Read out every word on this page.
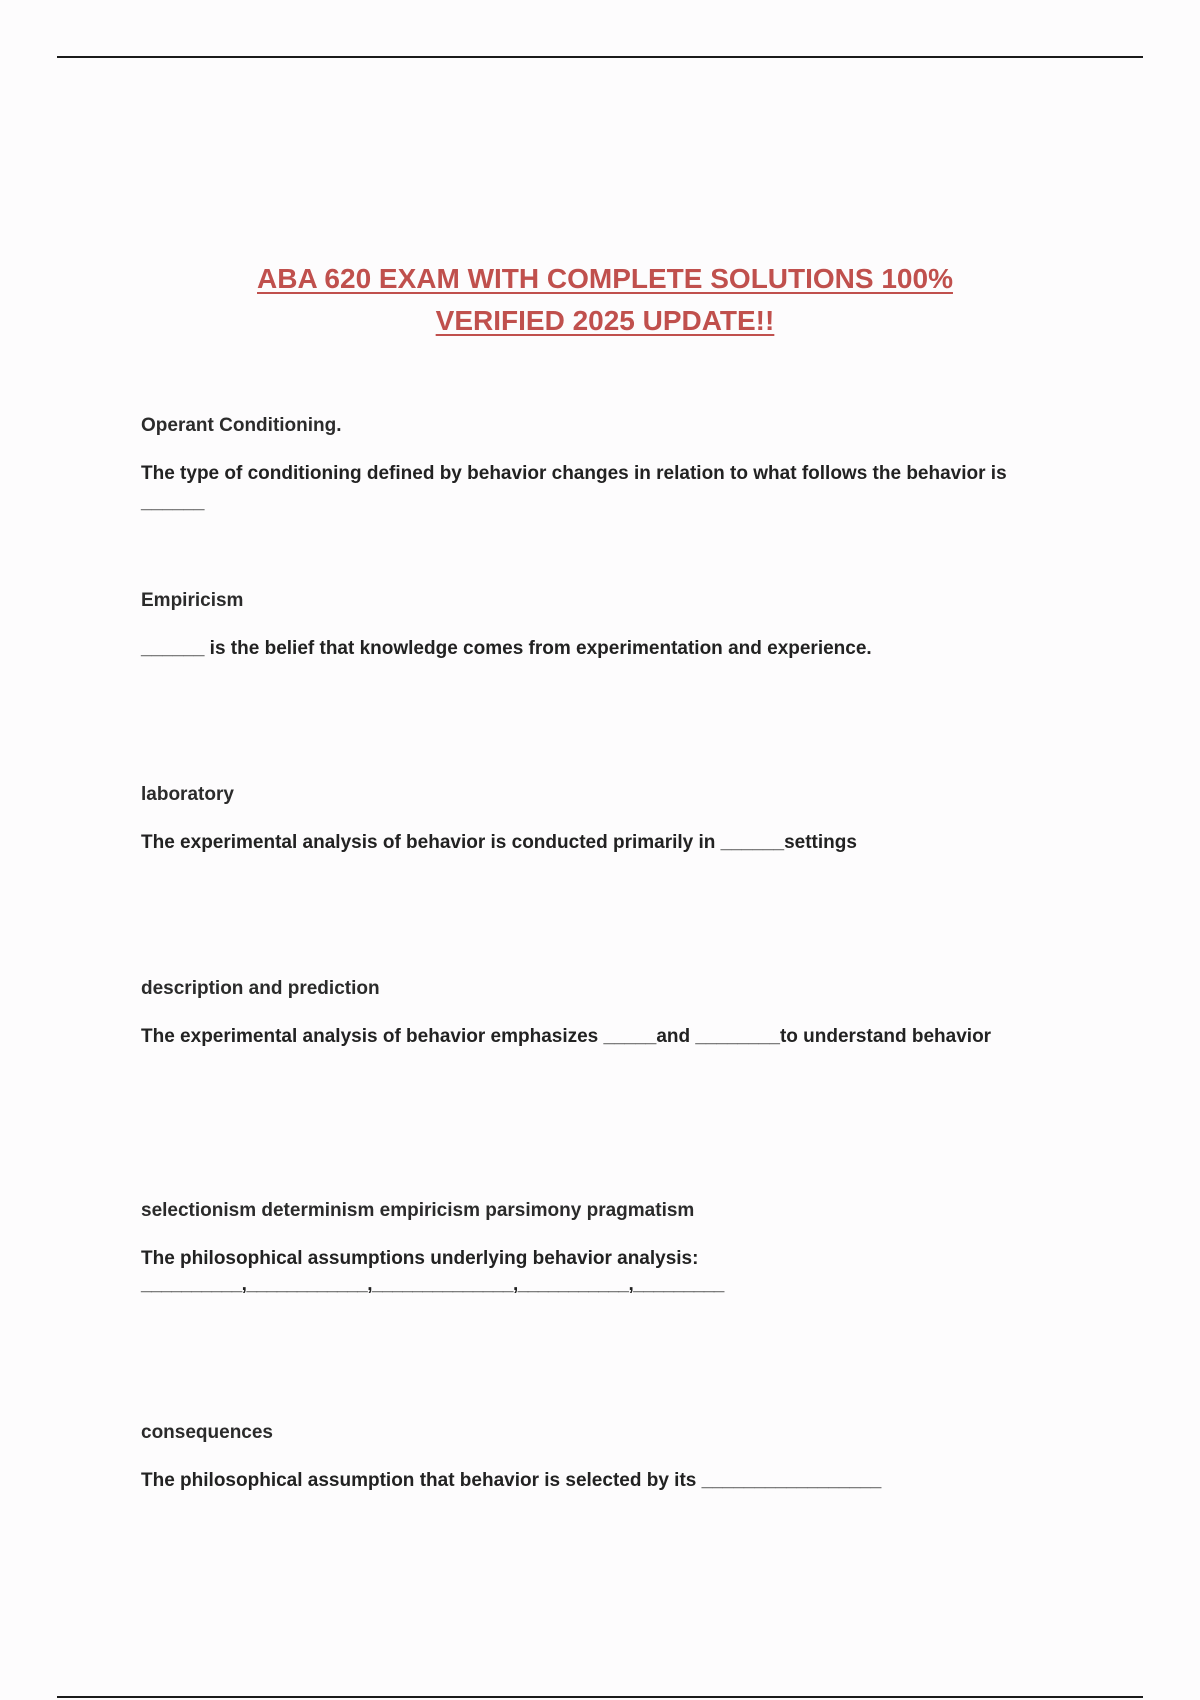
ABA 620 EXAM WITH COMPLETE SOLUTIONS 100%
VERIFIED 2025 UPDATE!!
Operant Conditioning.
The type of conditioning defined by behavior changes in relation to what follows the behavior is ______
Empiricism
______ is the belief that knowledge comes from experimentation and experience.
laboratory
The experimental analysis of behavior is conducted primarily in ______settings
description and prediction
The experimental analysis of behavior emphasizes _____and ________to understand behavior
selectionism determinism empiricism parsimony pragmatism
The philosophical assumptions underlying behavior analysis:
__________,____________,______________,___________,_________
consequences
The philosophical assumption that behavior is selected by its _________________
